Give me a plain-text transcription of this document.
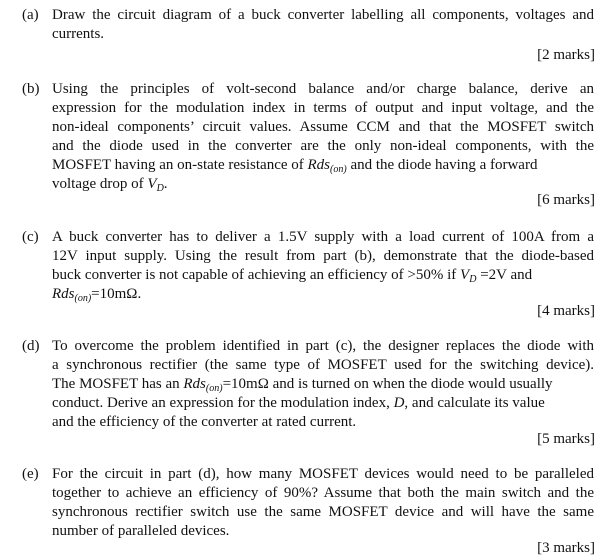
(a) Draw the circuit diagram of a buck converter labelling all components, voltages and
currents.
[2 marks]
(b) Using the principles of volt-second balance and/or charge balance, derive an
expression for the modulation index in terms of output and input voltage, and the
non-ideal components’ circuit values. Assume CCM and that the MOSFET switch
and the diode used in the converter are the only non-ideal components, with the
MOSFET having an on-state resistance of Rds$_{(on)}$ and the diode having a forward
voltage drop of $V_D$.
[6 marks]
(c) A buck converter has to deliver a 1.5V supply with a load current of 100A from a
12V input supply. Using the result from part (b), demonstrate that the diode-based
buck converter is not capable of achieving an efficiency of >50% if $V_D =2V$ and
Rds$_{(on)}$=10mΩ.
[4 marks]
(d) To overcome the problem identified in part (c), the designer replaces the diode with
a synchronous rectifier (the same type of MOSFET used for the switching device).
The MOSFET has an Rds$_{(on)}$=10mΩ and is turned on when the diode would usually
conduct. Derive an expression for the modulation index, D, and calculate its value
and the efficiency of the converter at rated current.
[5 marks]
(e) For the circuit in part (d), how many MOSFET devices would need to be paralleled
together to achieve an efficiency of 90%? Assume that both the main switch and the
synchronous rectifier switch use the same MOSFET device and will have the same
number of paralleled devices.
[3 marks]
